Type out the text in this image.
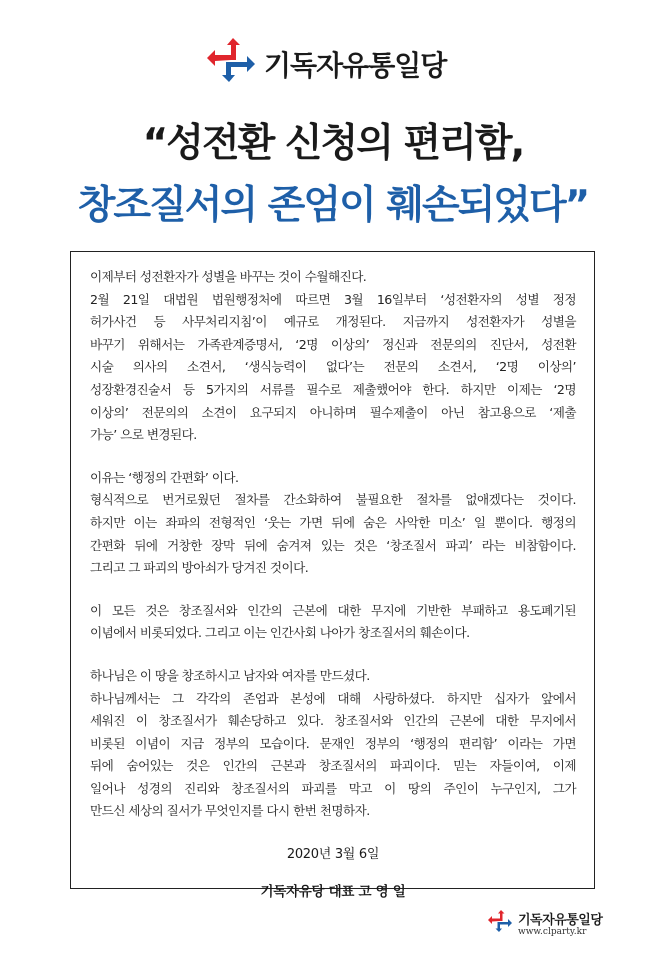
기독자유통일당
“성전환 신청의 편리함,
창조질서의 존엄이 훼손되었다”
이제부터 성전환자가 성별을 바꾸는 것이 수월해진다.
2월 21일 대법원 법원행정처에 따르면 3월 16일부터 ‘성전환자의 성별 정정
허가사건 등 사무처리지침’이 예규로 개정된다. 지금까지 성전환자가 성별을
바꾸기 위해서는 가족관계증명서, ‘2명 이상의’ 정신과 전문의의 진단서, 성전환
시술 의사의 소견서, ‘생식능력이 없다’는 전문의 소견서, ‘2명 이상의’
성장환경진술서 등 5가지의 서류를 필수로 제출했어야 한다. 하지만 이제는 ‘2명
이상의’ 전문의의 소견이 요구되지 아니하며 필수제출이 아닌 참고용으로 ‘제출
가능’ 으로 변경된다.
이유는 ‘행정의 간편화’ 이다.
형식적으로 번거로웠던 절차를 간소화하여 불필요한 절차를 없애겠다는 것이다.
하지만 이는 좌파의 전형적인 ‘웃는 가면 뒤에 숨은 사악한 미소’ 일 뿐이다. 행정의
간편화 뒤에 거창한 장막 뒤에 숨겨져 있는 것은 ‘창조질서 파괴’ 라는 비참함이다.
그리고 그 파괴의 방아쇠가 당겨진 것이다.
이 모든 것은 창조질서와 인간의 근본에 대한 무지에 기반한 부패하고 용도폐기된
이념에서 비롯되었다. 그리고 이는 인간사회 나아가 창조질서의 훼손이다.
하나님은 이 땅을 창조하시고 남자와 여자를 만드셨다.
하나님께서는 그 각각의 존엄과 본성에 대해 사랑하셨다. 하지만 십자가 앞에서
세워진 이 창조질서가 훼손당하고 있다. 창조질서와 인간의 근본에 대한 무지에서
비롯된 이념이 지금 정부의 모습이다. 문재인 정부의 ‘행정의 편리함’ 이라는 가면
뒤에 숨어있는 것은 인간의 근본과 창조질서의 파괴이다. 믿는 자들이여, 이제
일어나 성경의 진리와 창조질서의 파괴를 막고 이 땅의 주인이 누구인지, 그가
만드신 세상의 질서가 무엇인지를 다시 한번 천명하자.
2020년 3월 6일
기독자유당 대표 고 영 일
기독자유통일당
www.clparty.kr
